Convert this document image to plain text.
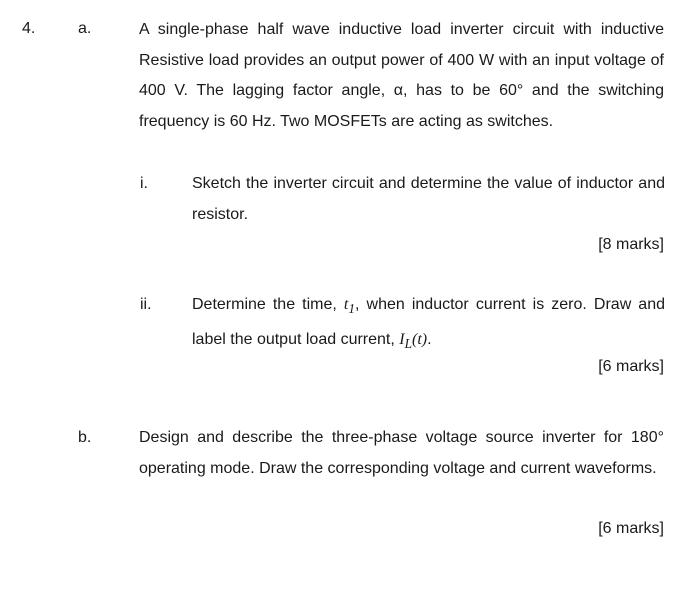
4.	a.	A single-phase half wave inductive load inverter circuit with inductive Resistive load provides an output power of 400 W with an input voltage of 400 V. The lagging factor angle, α, has to be 60° and the switching frequency is 60 Hz. Two MOSFETs are acting as switches.
i.	Sketch the inverter circuit and determine the value of inductor and resistor.
[8 marks]
ii.	Determine the time, $t_1$, when inductor current is zero. Draw and label the output load current, $I_L(t)$.
[6 marks]
b.	Design and describe the three-phase voltage source inverter for 180° operating mode. Draw the corresponding voltage and current waveforms.
[6 marks]
